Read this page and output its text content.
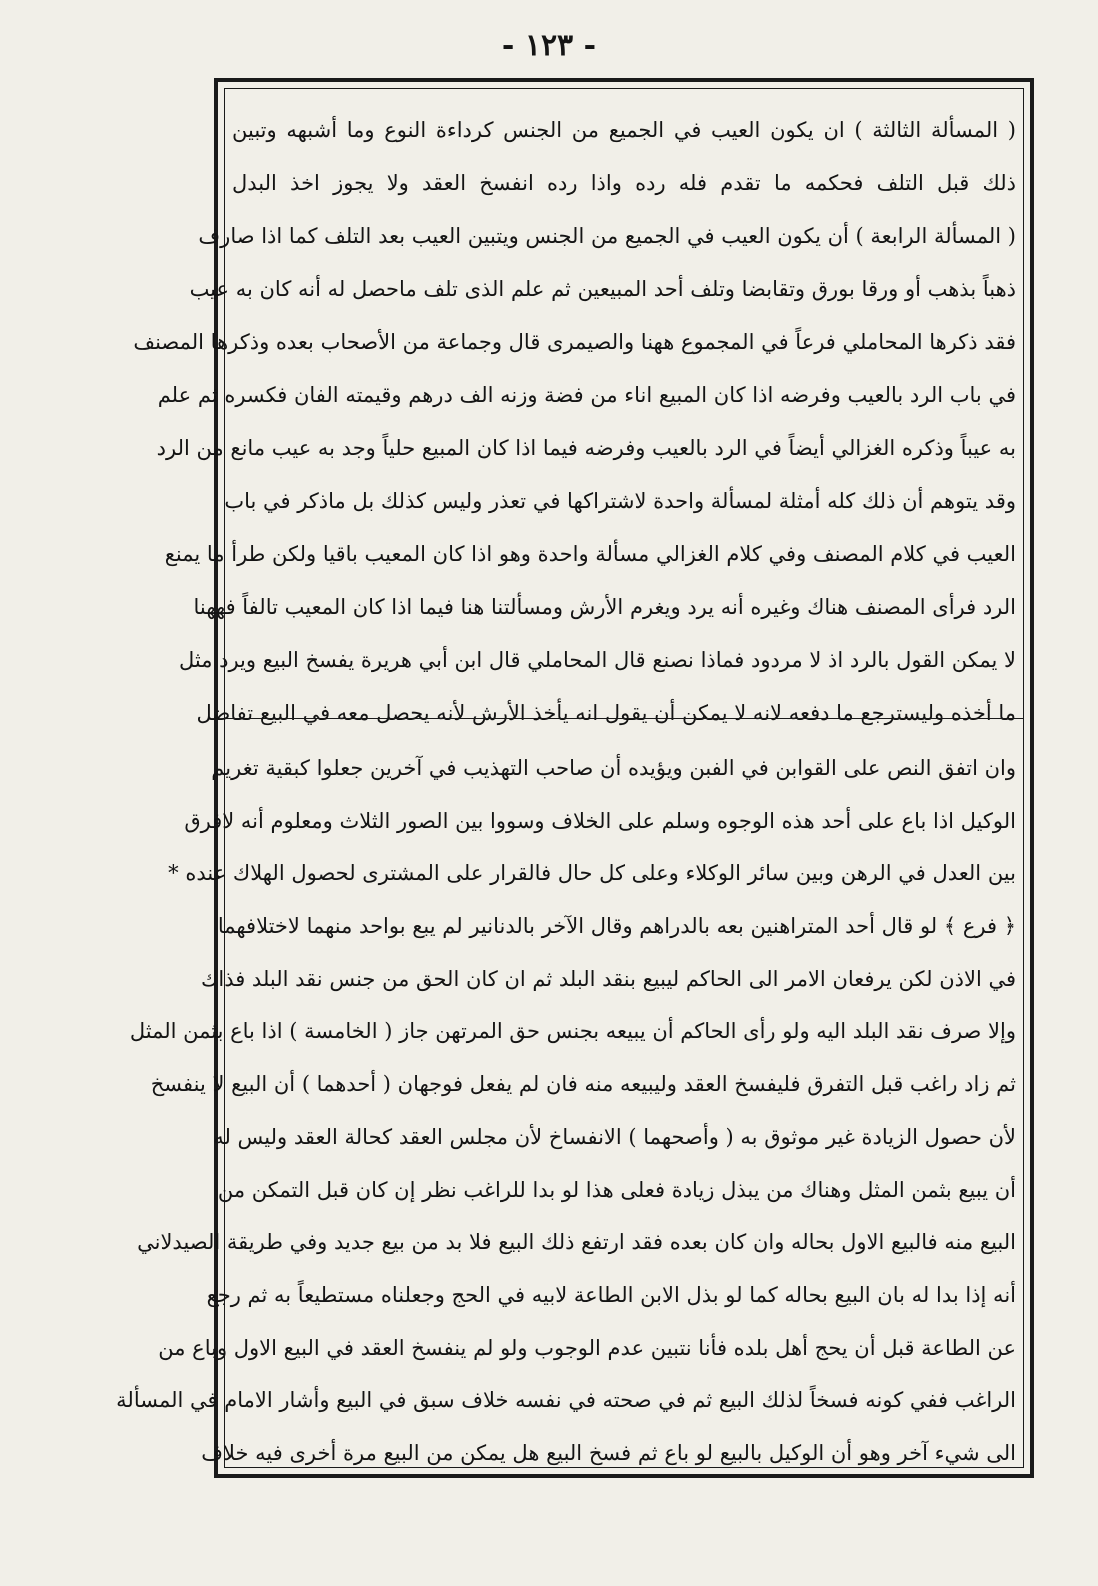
- ١٢٣ -
( المسألة الثالثة ) ان يكون العيب في الجميع من الجنس كرداءة النوع وما أشبهه وتبين
ذلك قبل التلف فحكمه ما تقدم فله رده واذا رده انفسخ العقد ولا يجوز اخذ البدل
( المسألة الرابعة ) أن يكون العيب في الجميع من الجنس ويتبين العيب بعد التلف كما اذا صارف
ذهباً بذهب أو ورقا بورق وتقابضا وتلف أحد المبيعين ثم علم الذى تلف ماحصل له أنه كان به عيب
فقد ذكرها المحاملي فرعاً في المجموع ههنا والصيمرى قال وجماعة من الأصحاب بعده وذكرها المصنف
في باب الرد بالعيب وفرضه اذا كان المبيع اناء من فضة وزنه الف درهم وقيمته الفان فكسره ثم علم
به عيباً وذكره الغزالي أيضاً في الرد بالعيب وفرضه فيما اذا كان المبيع حلياً وجد به عيب مانع من الرد
وقد يتوهم أن ذلك كله أمثلة لمسألة واحدة لاشتراكها في تعذر وليس كذلك بل ماذكر في باب
العيب في كلام المصنف وفي كلام الغزالي مسألة واحدة وهو اذا كان المعيب باقيا ولكن طرأ ما يمنع
الرد فرأى المصنف هناك وغيره أنه يرد ويغرم الأرش ومسألتنا هنا فيما اذا كان المعيب تالفاً فههنا
لا يمكن القول بالرد اذ لا مردود فماذا نصنع قال المحاملي قال ابن أبي هريرة يفسخ البيع ويرد مثل
ما أخذه وليسترجع ما دفعه لانه لا يمكن أن يقول انه يأخذ الأرش لأنه يحصل معه في البيع تفاضل
وان اتفق النص على القوابن في الفبن ويؤيده أن صاحب التهذيب في آخرين جعلوا كبقية تغريم
الوكيل اذا باع على أحد هذه الوجوه وسلم على الخلاف وسووا بين الصور الثلاث ومعلوم أنه لافرق
بين العدل في الرهن وبين سائر الوكلاء وعلى كل حال فالقرار على المشترى لحصول الهلاك عنده *
﴿ فرع ﴾ لو قال أحد المتراهنين بعه بالدراهم وقال الآخر بالدنانير لم يبع بواحد منهما لاختلافهما
في الاذن لكن يرفعان الامر الى الحاكم ليبيع بنقد البلد ثم ان كان الحق من جنس نقد البلد فذاك
وإلا صرف نقد البلد اليه ولو رأى الحاكم أن يبيعه بجنس حق المرتهن جاز ( الخامسة ) اذا باع بثمن المثل
ثم زاد راغب قبل التفرق فليفسخ العقد وليبيعه منه فان لم يفعل فوجهان ( أحدهما ) أن البيع لا ينفسخ
لأن حصول الزيادة غير موثوق به ( وأصحهما ) الانفساخ لأن مجلس العقد كحالة العقد وليس له
أن يبيع بثمن المثل وهناك من يبذل زيادة فعلى هذا لو بدا للراغب نظر إن كان قبل التمكن من
البيع منه فالبيع الاول بحاله وان كان بعده فقد ارتفع ذلك البيع فلا بد من بيع جديد وفي طريقة الصيدلاني
أنه إذا بدا له بان البيع بحاله كما لو بذل الابن الطاعة لابيه في الحج وجعلناه مستطيعاً به ثم رجع
عن الطاعة قبل أن يحج أهل بلده فأنا نتبين عدم الوجوب ولو لم ينفسخ العقد في البيع الاول وباع من
الراغب ففي كونه فسخاً لذلك البيع ثم في صحته في نفسه خلاف سبق في البيع وأشار الامام في المسألة
الى شيء آخر وهو أن الوكيل بالبيع لو باع ثم فسخ البيع هل يمكن من البيع مرة أخرى فيه خلاف
